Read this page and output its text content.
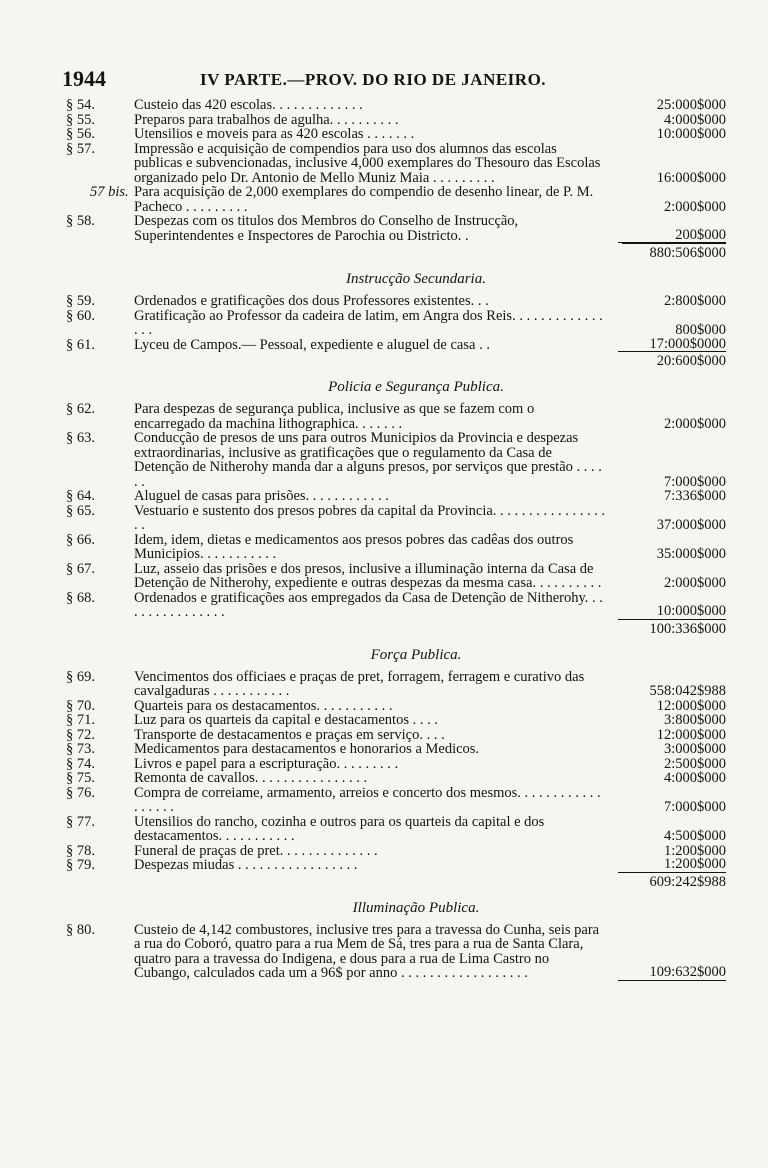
1944	IV PARTE.—PROV. DO RIO DE JANEIRO.
§ 54.	Custeio das 420 escolas. . . . . . . . . . . . .	25:000$000
§ 55.	Preparos para trabalhos de agulha. . . . . . . . . .	4:000$000
§ 56.	Utensilios e moveis para as 420 escolas . . . . . . .	10:000$000
§ 57.	Impressão e acquisição de compendios para uso dos alumnos das escolas publicas e subvencionadas, inclusive 4,000 exemplares do Thesouro das Escolas organizado pelo Dr. Antonio de Mello Muniz Maia . . . . . . . . .	16:000$000
57 bis. Para acquisição de 2,000 exemplares do compendio de desenho linear, de P. M. Pacheco . . . . . . . . .	2:000$000
§ 58.	Despezas com os titulos dos Membros do Conselho de Instrucção, Superintendentes e Inspectores de Parochia ou Districto. .	200$000
880:506$000
Instrucção Secundaria.
§ 59.	Ordenados e gratificações dos dous Professores existentes. . .	2:800$000
§ 60.	Gratificação ao Professor da cadeira de latim, em Angra dos Reis. . . . . . . . . . . . . . . .	800$000
§ 61.	Lyceu de Campos.— Pessoal, expediente e aluguel de casa . .	17:000$0000
20:600$000
Policia e Segurança Publica.
§ 62.	Para despezas de segurança publica, inclusive as que se fazem com o encarregado da machina lithographica. . . . . . .	2:000$000
§ 63.	Conducção de presos de uns para outros Municipios da Provincia e despezas extraordinarias, inclusive as gratificações que o regulamento da Casa de Detenção de Nitherohy manda dar a alguns presos, por serviços que prestão . . . . . .	7:000$000
§ 64.	Aluguel de casas para prisões. . . . . . . . . . . .	7:336$000
§ 65.	Vestuario e sustento dos presos pobres da capital da Provincia. . . . . . . . . . . . . . . . . .	37:000$000
§ 66.	Idem, idem, dietas e medicamentos aos presos pobres das cadêas dos outros Municipios. . . . . . . . . . .	35:000$000
§ 67.	Luz, asseio das prisões e dos presos, inclusive a illuminação interna da Casa de Detenção de Nitherohy, expediente e outras despezas da mesma casa. . . . . . . . . .	2:000$000
§ 68.	Ordenados e gratificações aos empregados da Casa de Detenção de Nitherohy. . . . . . . . . . . . . . . .	10:000$000
100:336$000
Força Publica.
§ 69.	Vencimentos dos officiaes e praças de pret, forragem, ferragem e curativo das cavalgaduras . . . . . . . . . . .	558:042$988
§ 70.	Quarteis para os destacamentos. . . . . . . . . . .	12:000$000
§ 71.	Luz para os quarteis da capital e destacamentos . . . .	3:800$000
§ 72.	Transporte de destacamentos e praças em serviço. . . .	12:000$000
§ 73.	Medicamentos para destacamentos e honorarios a Medicos.	3:000$000
§ 74.	Livros e papel para a escripturação. . . . . . . . .	2:500$000
§ 75.	Remonta de cavallos. . . . . . . . . . . . . . . .	4:000$000
§ 76.	Compra de correiame, armamento, arreios e concerto dos mesmos. . . . . . . . . . . . . . . . . .	7:000$000
§ 77.	Utensilios do rancho, cozinha e outros para os quarteis da capital e dos destacamentos. . . . . . . . . . .	4:500$000
§ 78.	Funeral de praças de pret. . . . . . . . . . . . . .	1:200$000
§ 79.	Despezas miudas . . . . . . . . . . . . . . . . .	1:200$000
609:242$988
Illuminação Publica.
§ 80.	Custeio de 4,142 combustores, inclusive tres para a travessa do Cunha, seis para a rua do Coboró, quatro para a rua Mem de Sá, tres para a rua de Santa Clara, quatro para a travessa do Indigena, e dous para a rua de Lima Castro no Cubango, calculados cada um a 96$ por anno . . . . . . . . . . . . . . . . . .	109:632$000
